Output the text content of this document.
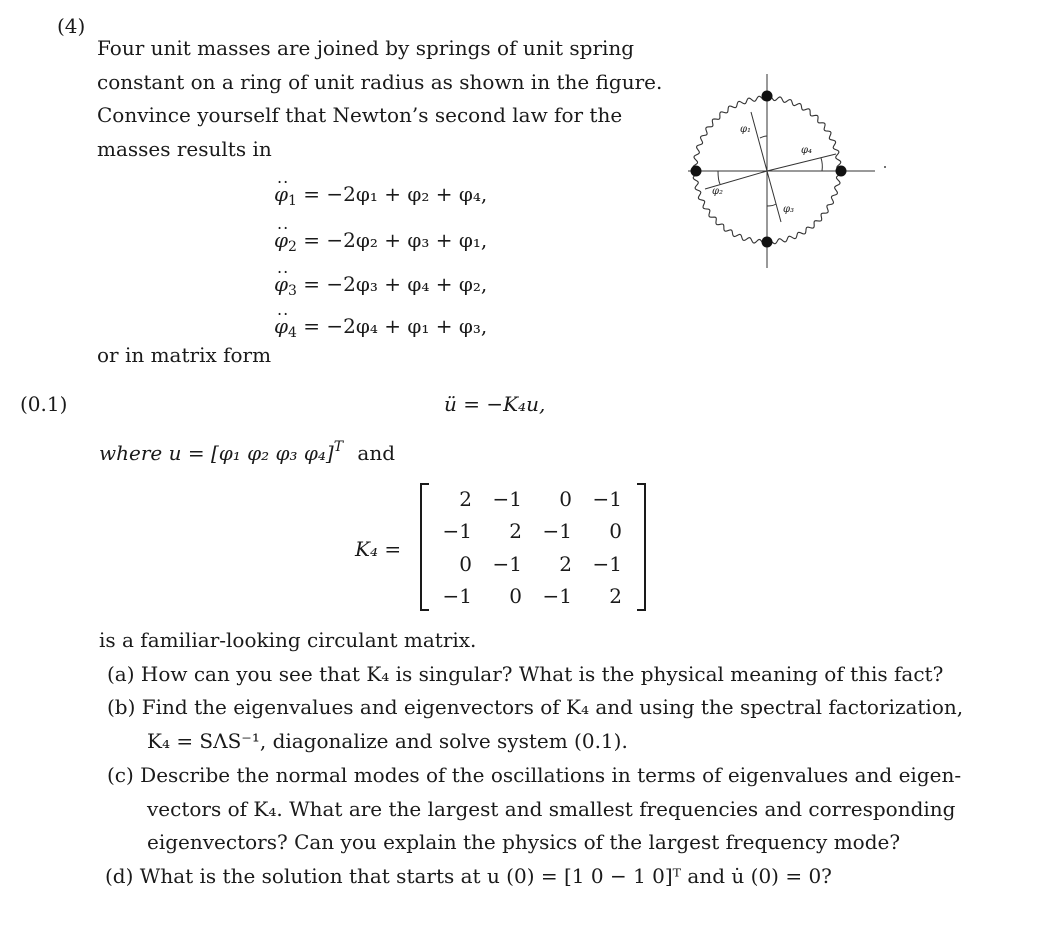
(4)
Four unit masses are joined by springs of unit spring
constant on a ring of unit radius as shown in the figure.
Convince yourself that Newton’s second law for the
masses results in
.. $\varphi_1 = -2\varphi_1 + \varphi_2 + \varphi_4$,
.. $\varphi_2 = -2\varphi_2 + \varphi_3 + \varphi_1$,
.. $\varphi_3 = -2\varphi_3 + \varphi_4 + \varphi_2$,
.. $\varphi_4 = -2\varphi_4 + \varphi_1 + \varphi_3$,
or in matrix form
(0.1)	ü = −K₄u,
where u = [φ₁ φ₂ φ₃ φ₄]$^T$ and
K₄ =
2	−1	0	−1
−1	2	−1	0
0	−1	2	−1
−1	0	−1	2
is a familiar-looking circulant matrix.
(a) How can you see that K₄ is singular? What is the physical meaning of this fact?
(b) Find the eigenvalues and eigenvectors of K₄ and using the spectral factorization,
K₄ = SΛS⁻¹, diagonalize and solve system (0.1).
(c) Describe the normal modes of the oscillations in terms of eigenvalues and eigen-
vectors of K₄. What are the largest and smallest frequencies and corresponding
eigenvectors? Can you explain the physics of the largest frequency mode?
(d) What is the solution that starts at u (0) = [1 0 − 1 0]ᵀ and u̇ (0) = 0?
φ₁
φ₂
φ₃
φ₄
